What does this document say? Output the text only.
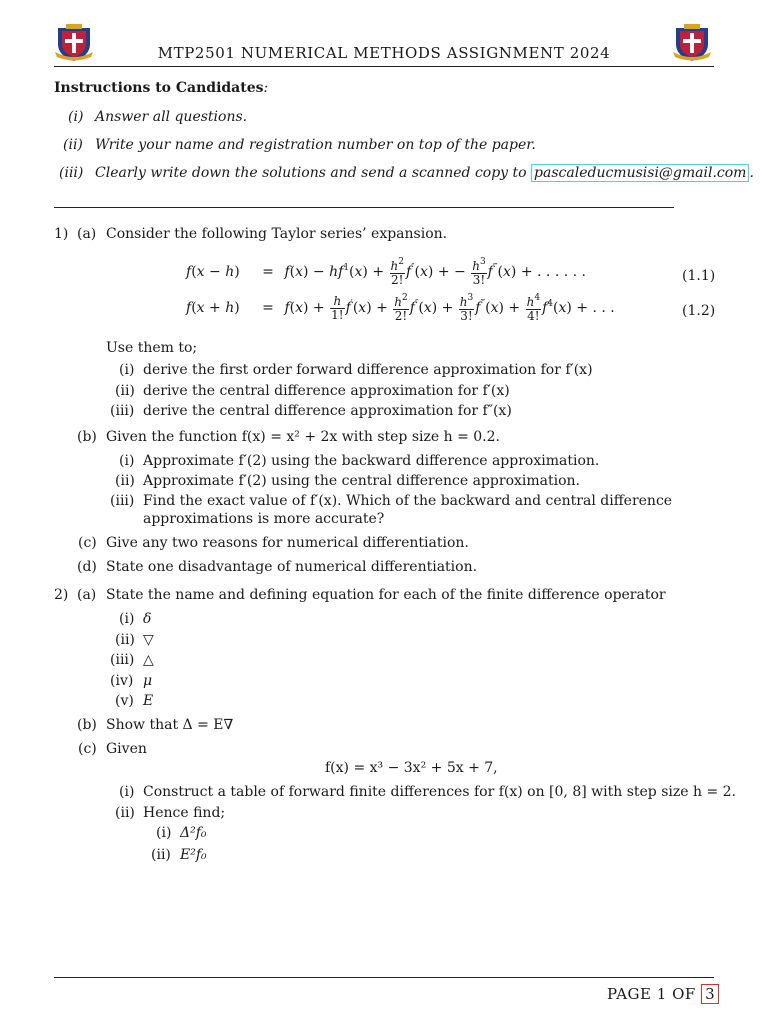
MTP2501 NUMERICAL METHODS ASSIGNMENT 2024
Instructions to Candidates:
(i) Answer all questions.
(ii) Write your name and registration number on top of the paper.
(iii) Clearly write down the solutions and send a scanned copy to pascaleducmusisi@gmail.com .
1) (a) Consider the following Taylor series’ expansion.
$f(x - h) = f(x) - hf^1(x) + \frac{h^2}{2!} f''(x)$ + − $\frac{h^3}{3!} f^‴(x)$ + . . . . . .	(1.1)
$f(x + h) = f(x) + \frac{h}{1!} f'(x) + \frac{h^2}{2!} f''(x) + \frac{h^3}{3!} f^‴(x) + \frac{h^4}{4!} f^4(x)$ + . . .	(1.2)
Use them to;
(i) derive the first order forward difference approximation for f′(x)
(ii) derive the central difference approximation for f′(x)
(iii) derive the central difference approximation for f″(x)
(b) Given the function f(x) = x² + 2x with step size h = 0.2.
(i) Approximate f′(2) using the backward difference approximation.
(ii) Approximate f′(2) using the central difference approximation.
(iii) Find the exact value of f′(x). Which of the backward and central difference
approximations is more accurate?
(c) Give any two reasons for numerical differentiation.
(d) State one disadvantage of numerical differentiation.
2) (a) State the name and defining equation for each of the finite difference operator
(i) δ
(ii) ▽
(iii) △
(iv) μ
(v) E
(b) Show that Δ = E∇
(c) Given
f(x) = x³ − 3x² + 5x + 7,
(i) Construct a table of forward finite differences for f(x) on [0, 8] with step size h = 2.
(ii) Hence find;
(i) Δ²f₀
(ii) E²f₀
PAGE 1 OF 3
